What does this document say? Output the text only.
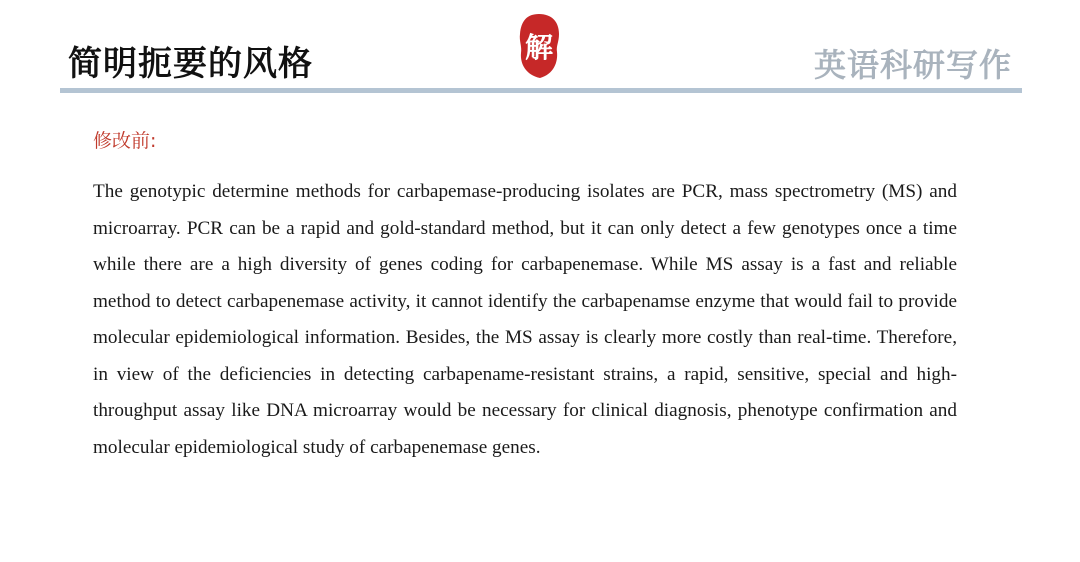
简明扼要的风格	解	英语科研写作
修改前:

The genotypic determine methods for carbapemase-producing isolates are PCR, mass spectrometry (MS) and microarray. PCR can be a rapid and gold-standard method, but it can only detect a few genotypes once a time while there are a high diversity of genes coding for carbapenemase. While MS assay is a fast and reliable method to detect carbapenemase activity, it cannot identify the carbapenamse enzyme that would fail to provide molecular epidemiological information. Besides, the MS assay is clearly more costly than real-time. Therefore, in view of the deficiencies in detecting carbapename-resistant strains, a rapid, sensitive, special and high-throughput assay like DNA microarray would be necessary for clinical diagnosis, phenotype confirmation and molecular epidemiological study of carbapenemase genes.
